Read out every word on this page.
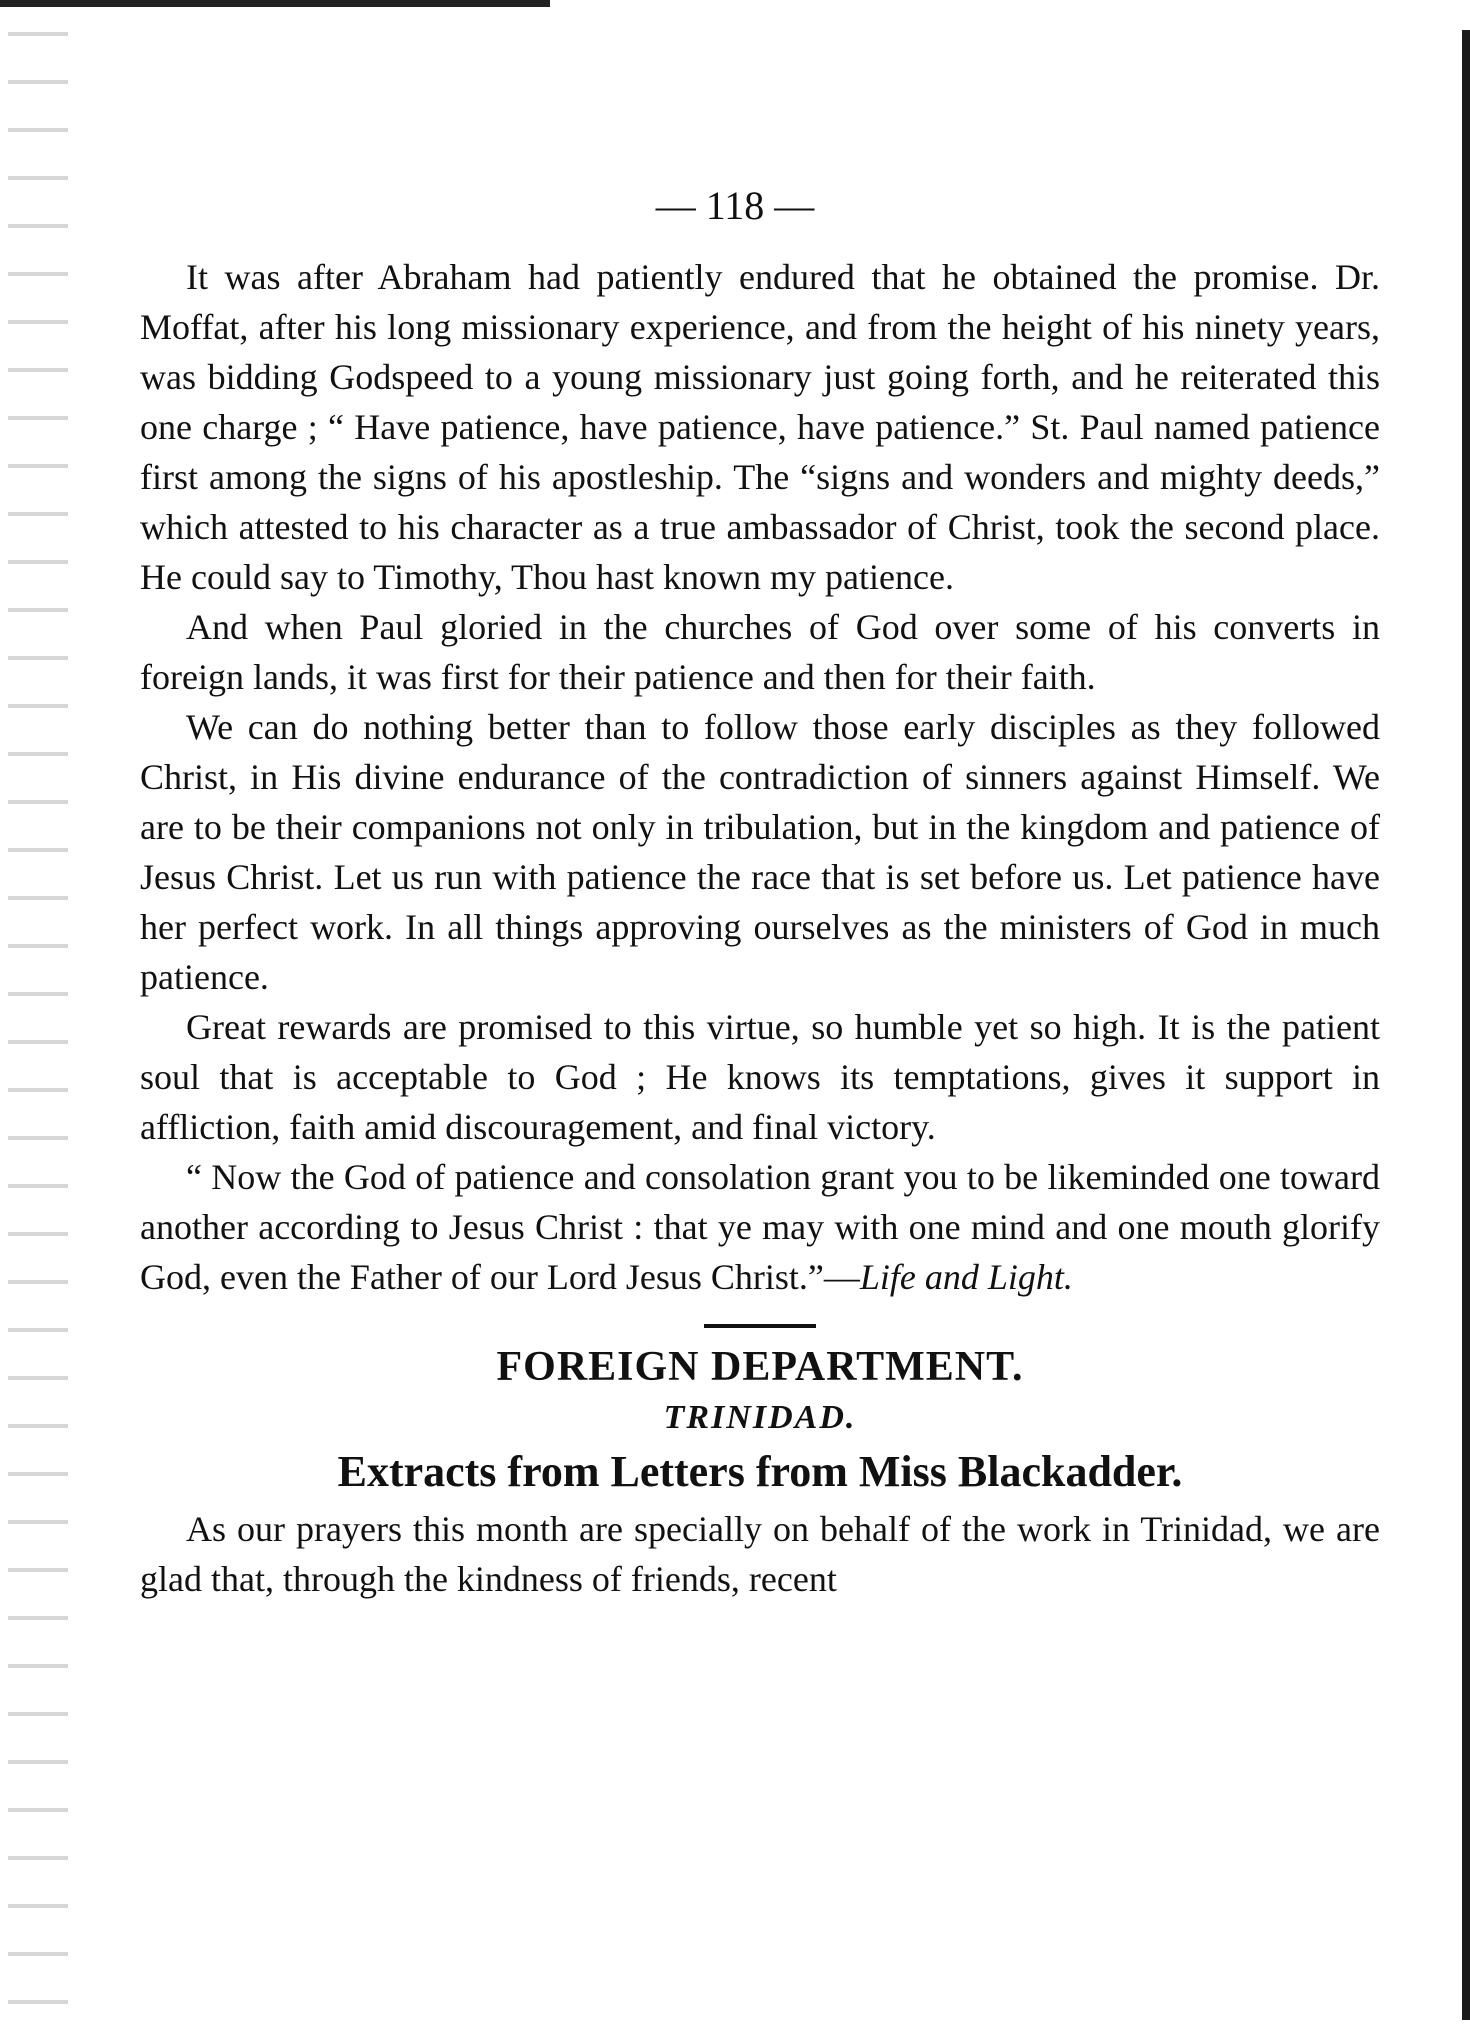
— 118 —

It was after Abraham had patiently endured that he obtained the promise. Dr. Moffat, after his long missionary experience, and from the height of his ninety years, was bidding Godspeed to a young missionary just going forth, and he reiterated this one charge ; “ Have patience, have patience, have patience.” St. Paul named patience first among the signs of his apostleship. The “signs and wonders and mighty deeds,” which attested to his character as a true ambassador of Christ, took the second place. He could say to Timothy, Thou hast known my patience.

And when Paul gloried in the churches of God over some of his converts in foreign lands, it was first for their patience and then for their faith.

We can do nothing better than to follow those early disciples as they followed Christ, in His divine endurance of the contradiction of sinners against Himself. We are to be their companions not only in tribulation, but in the kingdom and patience of Jesus Christ. Let us run with patience the race that is set before us. Let patience have her perfect work. In all things approving ourselves as the ministers of God in much patience.

Great rewards are promised to this virtue, so humble yet so high. It is the patient soul that is acceptable to God ; He knows its temptations, gives it support in affliction, faith amid discouragement, and final victory.

“ Now the God of patience and consolation grant you to be likeminded one toward another according to Jesus Christ : that ye may with one mind and one mouth glorify God, even the Father of our Lord Jesus Christ.”—Life and Light.

FOREIGN DEPARTMENT.
TRINIDAD.
Extracts from Letters from Miss Blackadder.

As our prayers this month are specially on behalf of the work in Trinidad, we are glad that, through the kindness of friends, recent
